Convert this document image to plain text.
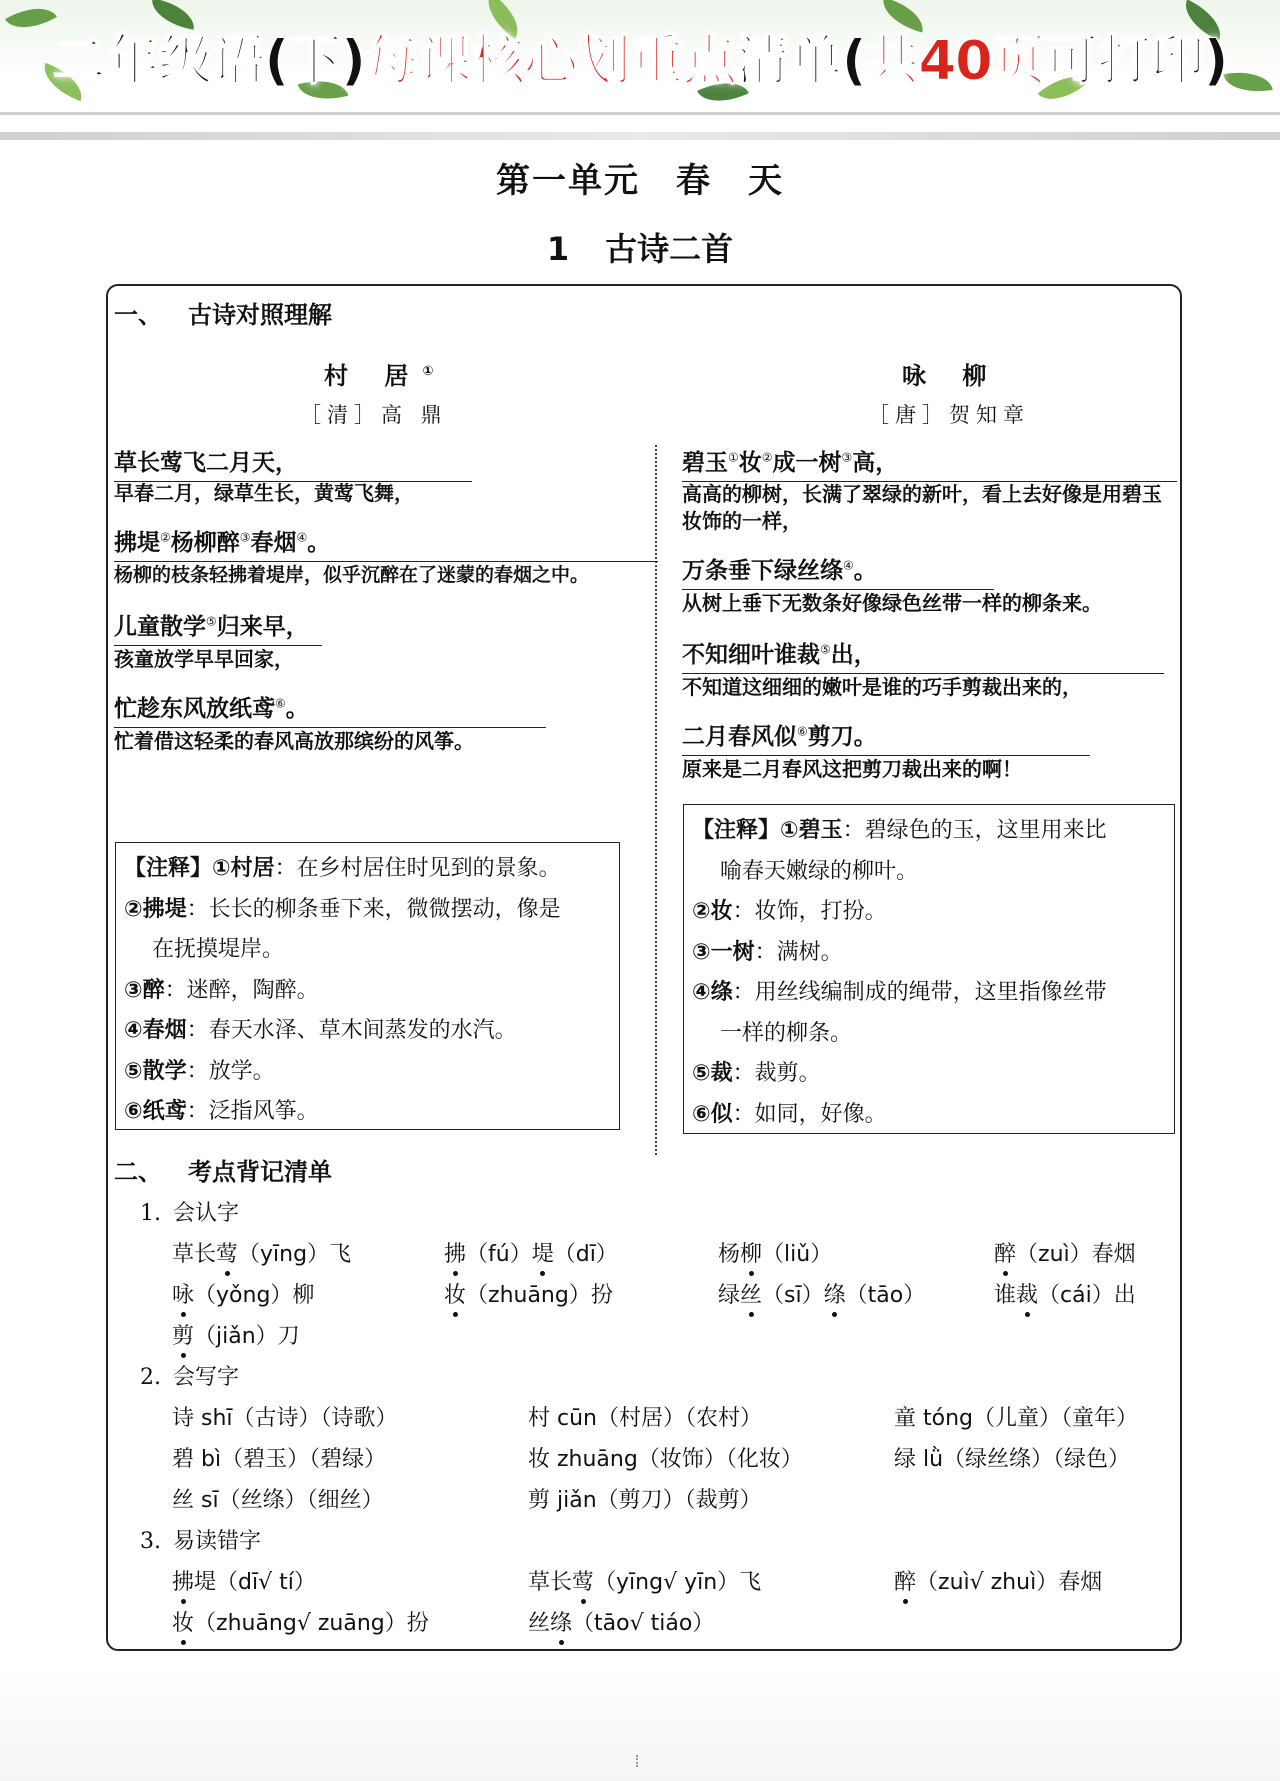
二年级语(下)每课核心划重点清单(共40页可打印)
第一单元 春 天
1 古诗二首
一、 古诗对照理解
村 居①
［清］高 鼎
草长莺飞二月天，
早春二月，绿草生长，黄莺飞舞，
拂堤②杨柳醉③春烟④。
杨柳的枝条轻拂着堤岸，似乎沉醉在了迷蒙的春烟之中。
儿童散学⑤归来早，
孩童放学早早回家，
忙趁东风放纸鸢⑥。
忙着借这轻柔的春风高放那缤纷的风筝。
【注释】①村居：在乡村居住时见到的景象。
②拂堤：长长的柳条垂下来，微微摆动，像是
在抚摸堤岸。
③醉：迷醉，陶醉。
④春烟：春天水泽、草木间蒸发的水汽。
⑤散学：放学。
⑥纸鸢：泛指风筝。
咏 柳
［唐］贺知章
碧玉①妆②成一树③高，
高高的柳树，长满了翠绿的新叶，看上去好像是用碧玉妆饰的一样，
万条垂下绿丝绦④。
从树上垂下无数条好像绿色丝带一样的柳条来。
不知细叶谁裁⑤出，
不知道这细细的嫩叶是谁的巧手剪裁出来的，
二月春风似⑥剪刀。
原来是二月春风这把剪刀裁出来的啊！
【注释】①碧玉：碧绿色的玉，这里用来比
喻春天嫩绿的柳叶。
②妆：妆饰，打扮。
③一树：满树。
④绦：用丝线编制成的绳带，这里指像丝带
一样的柳条。
⑤裁：裁剪。
⑥似：如同，好像。
二、 考点背记清单
1. 会认字
草长莺（yīng）飞	拂（fú）堤（dī）	杨柳（liǔ）	醉（zuì）春烟
咏（yǒng）柳	妆（zhuāng）扮	绿丝（sī）绦（tāo）	谁裁（cái）出
剪（jiǎn）刀
2. 会写字
诗 shī（古诗）（诗歌）	村 cūn（村居）（农村）	童 tóng（儿童）（童年）
碧 bì（碧玉）（碧绿）	妆 zhuāng（妆饰）（化妆）	绿 lǜ（绿丝绦）（绿色）
丝 sī（丝绦）（细丝）	剪 jiǎn（剪刀）（裁剪）
3. 易读错字
拂堤（dī√ tí）	草长莺（yīng√ yīn）飞	醉（zuì√ zhuì）春烟
妆（zhuāng√ zuāng）扮	丝绦（tāo√ tiáo）
